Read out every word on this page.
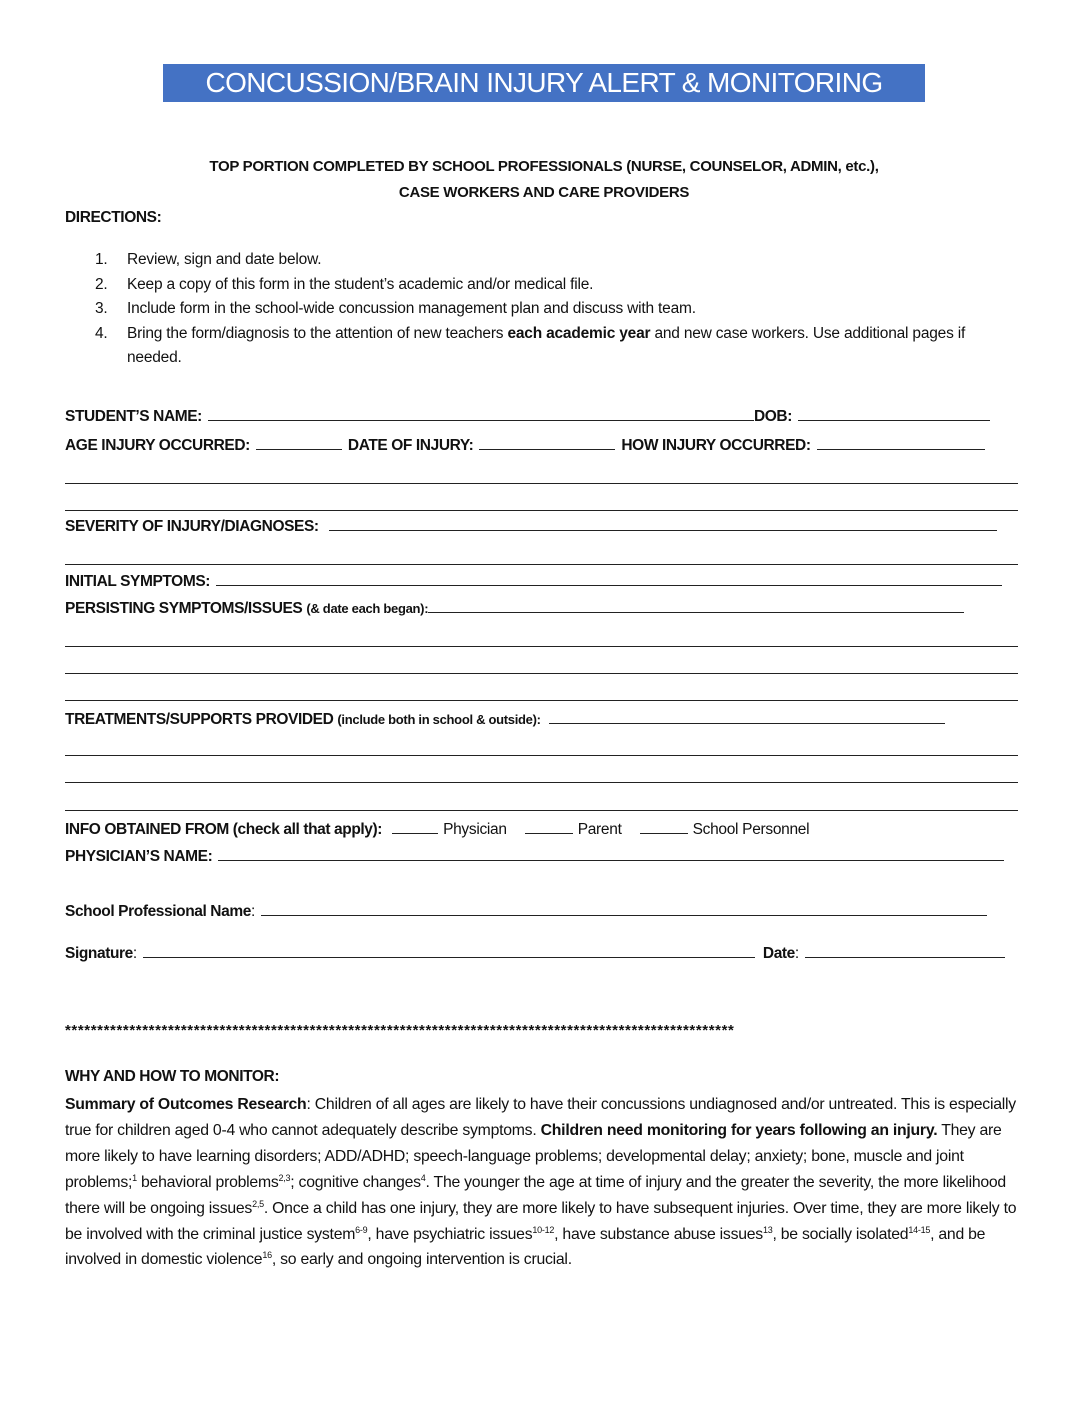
CONCUSSION/BRAIN INJURY ALERT & MONITORING FORM
TOP PORTION COMPLETED BY SCHOOL PROFESSIONALS (NURSE, COUNSELOR, ADMIN, etc.),
CASE WORKERS AND CARE PROVIDERS
DIRECTIONS:
1. Review, sign and date below.
2. Keep a copy of this form in the student’s academic and/or medical file.
3. Include form in the school-wide concussion management plan and discuss with team.
4. Bring the form/diagnosis to the attention of new teachers each academic year and new case workers. Use additional pages if needed.
STUDENT’S NAME:	DOB:
AGE INJURY OCCURRED:	DATE OF INJURY:	HOW INJURY OCCURRED:
SEVERITY OF INJURY/DIAGNOSES:
INITIAL SYMPTOMS:
PERSISTING SYMPTOMS/ISSUES (& date each began):
TREATMENTS/SUPPORTS PROVIDED (include both in school & outside):
INFO OBTAINED FROM (check all that apply):	Physician	Parent	School Personnel
PHYSICIAN’S NAME:
School Professional Name :
Signature :	Date :
********************************************************************************************************
WHY AND HOW TO MONITOR:
Summary of Outcomes Research: Children of all ages are likely to have their concussions undiagnosed and/or untreated. This is especially true for children aged 0-4 who cannot adequately describe symptoms. Children need monitoring for years following an injury. They are more likely to have learning disorders; ADD/ADHD; speech-language problems; developmental delay; anxiety; bone, muscle and joint problems;$^1$ behavioral problems$^{2,3}$; cognitive changes$^4$. The younger the age at time of injury and the greater the severity, the more likelihood there will be ongoing issues$^{2,5}$. Once a child has one injury, they are more likely to have subsequent injuries. Over time, they are more likely to be involved with the criminal justice system$^{6-9}$, have psychiatric issues$^{10-12}$, have substance abuse issues$^{13}$, be socially isolated$^{14-15}$, and be involved in domestic violence$^{16}$, so early and ongoing intervention is crucial.
